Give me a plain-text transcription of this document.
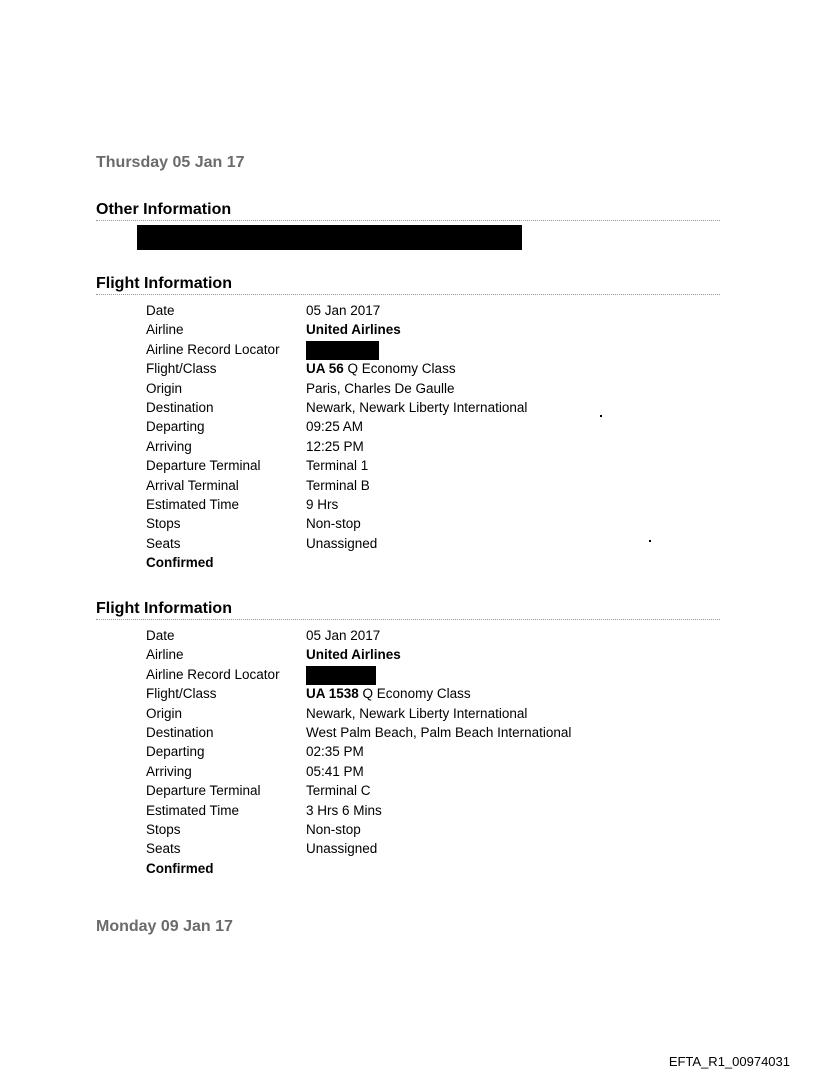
Thursday 05 Jan 17
Other Information
Flight Information
Date	05 Jan 2017
Airline	United Airlines
Airline Record Locator
Flight/Class	UA 56 Q Economy Class
Origin	Paris, Charles De Gaulle
Destination	Newark, Newark Liberty International
Departing	09:25 AM
Arriving	12:25 PM
Departure Terminal	Terminal 1
Arrival Terminal	Terminal B
Estimated Time	9 Hrs
Stops	Non-stop
Seats	Unassigned
Confirmed
Flight Information
Date	05 Jan 2017
Airline	United Airlines
Airline Record Locator
Flight/Class	UA 1538 Q Economy Class
Origin	Newark, Newark Liberty International
Destination	West Palm Beach, Palm Beach International
Departing	02:35 PM
Arriving	05:41 PM
Departure Terminal	Terminal C
Estimated Time	3 Hrs 6 Mins
Stops	Non-stop
Seats	Unassigned
Confirmed
Monday 09 Jan 17
EFTA_R1_00974031
